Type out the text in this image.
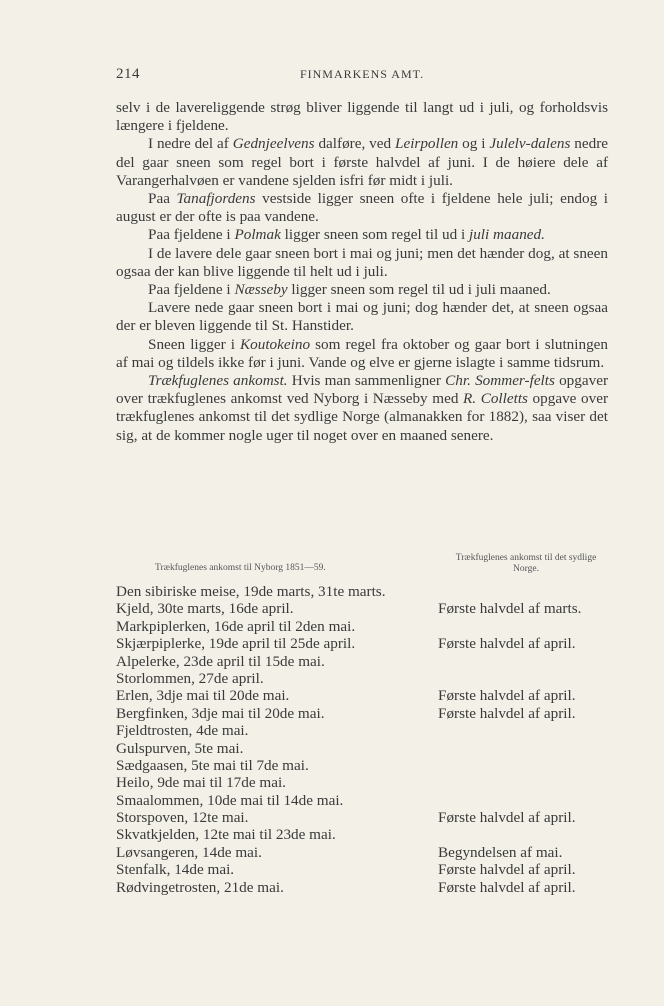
214	FINMARKENS AMT.

selv i de lavereliggende strøg bliver liggende til langt ud i juli, og forholdsvis længere i fjeldene.

I nedre del af Gednjeelvens dalføre, ved Leirpollen og i Julelv-dalens nedre del gaar sneen som regel bort i første halvdel af juni. I de høiere dele af Varangerhalvøen er vandene sjelden isfri før midt i juli.

Paa Tanafjordens vestside ligger sneen ofte i fjeldene hele juli; endog i august er der ofte is paa vandene.

Paa fjeldene i Polmak ligger sneen som regel til ud i juli maaned.

I de lavere dele gaar sneen bort i mai og juni; men det hænder dog, at sneen ogsaa der kan blive liggende til helt ud i juli.

Paa fjeldene i Næsseby ligger sneen som regel til ud i juli maaned.

Lavere nede gaar sneen bort i mai og juni; dog hænder det, at sneen ogsaa der er bleven liggende til St. Hanstider.

Sneen ligger i Koutokeino som regel fra oktober og gaar bort i slutningen af mai og tildels ikke før i juni. Vande og elve er gjerne islagte i samme tidsrum.

Trækfuglenes ankomst. Hvis man sammenligner Chr. Sommer-felts opgaver over trækfuglenes ankomst ved Nyborg i Næsseby med R. Colletts opgave over trækfuglenes ankomst til det sydlige Norge (almanakken for 1882), saa viser det sig, at de kommer nogle uger til noget over en maaned senere.

Trækfuglenes ankomst til Nyborg 1851—59.
Trækfuglenes ankomst til det sydlige Norge.
Den sibiriske meise, 19de marts, 31te marts.
Kjeld, 30te marts, 16de april.	Første halvdel af marts.
Markpiplerken, 16de april til 2den mai.
Skjærpiplerke, 19de april til 25de april.	Første halvdel af april.
Alpelerke, 23de april til 15de mai.
Storlommen, 27de april.
Erlen, 3dje mai til 20de mai.	Første halvdel af april.
Bergfinken, 3dje mai til 20de mai.	Første halvdel af april.
Fjeldtrosten, 4de mai.
Gulspurven, 5te mai.
Sædgaasen, 5te mai til 7de mai.
Heilo, 9de mai til 17de mai.
Smaalommen, 10de mai til 14de mai.
Storspoven, 12te mai.	Første halvdel af april.
Skvatkjelden, 12te mai til 23de mai.
Løvsangeren, 14de mai.	Begyndelsen af mai.
Stenfalk, 14de mai.	Første halvdel af april.
Rødvingetrosten, 21de mai.	Første halvdel af april.
